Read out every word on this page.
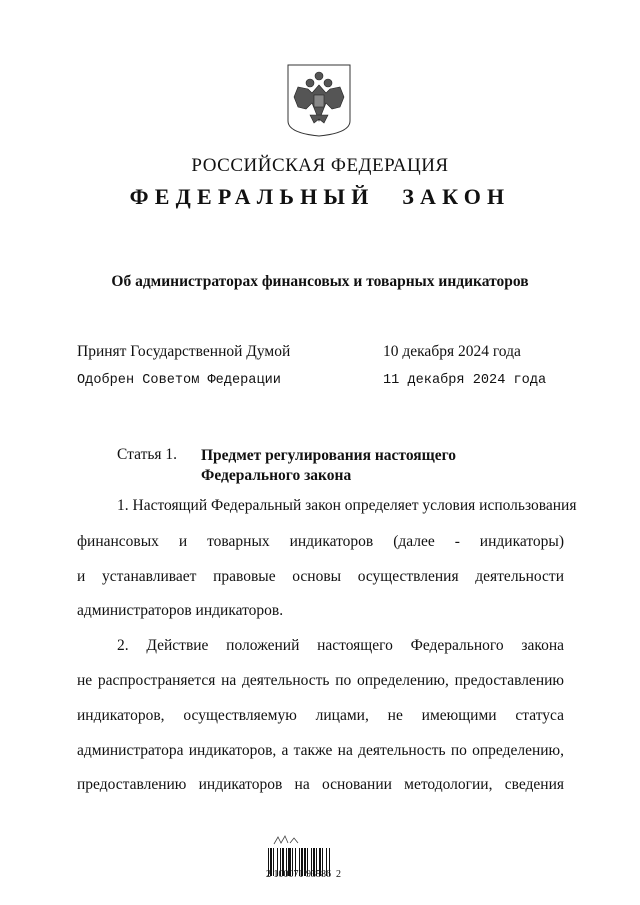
РОССИЙСКАЯ ФЕДЕРАЦИЯ
ФЕДЕРАЛЬНЫЙ ЗАКОН
Об администраторах финансовых и товарных индикаторов
Принят Государственной Думой	10 декабря 2024 года
Одобрен Советом Федерации	11 декабря 2024 года
Статья 1. Предмет регулирования настоящего
Федерального закона
1. Настоящий Федеральный закон определяет условия использования
финансовых и товарных индикаторов (далее - индикаторы)
и устанавливает правовые основы осуществления деятельности
администраторов индикаторов.
2. Действие положений настоящего Федерального закона
не распространяется на деятельность по определению, предоставлению
индикаторов, осуществляемую лицами, не имеющими статуса
администратора индикаторов, а также на деятельность по определению,
предоставлению индикаторов на основании методологии, сведения
2 100071 93586  2
